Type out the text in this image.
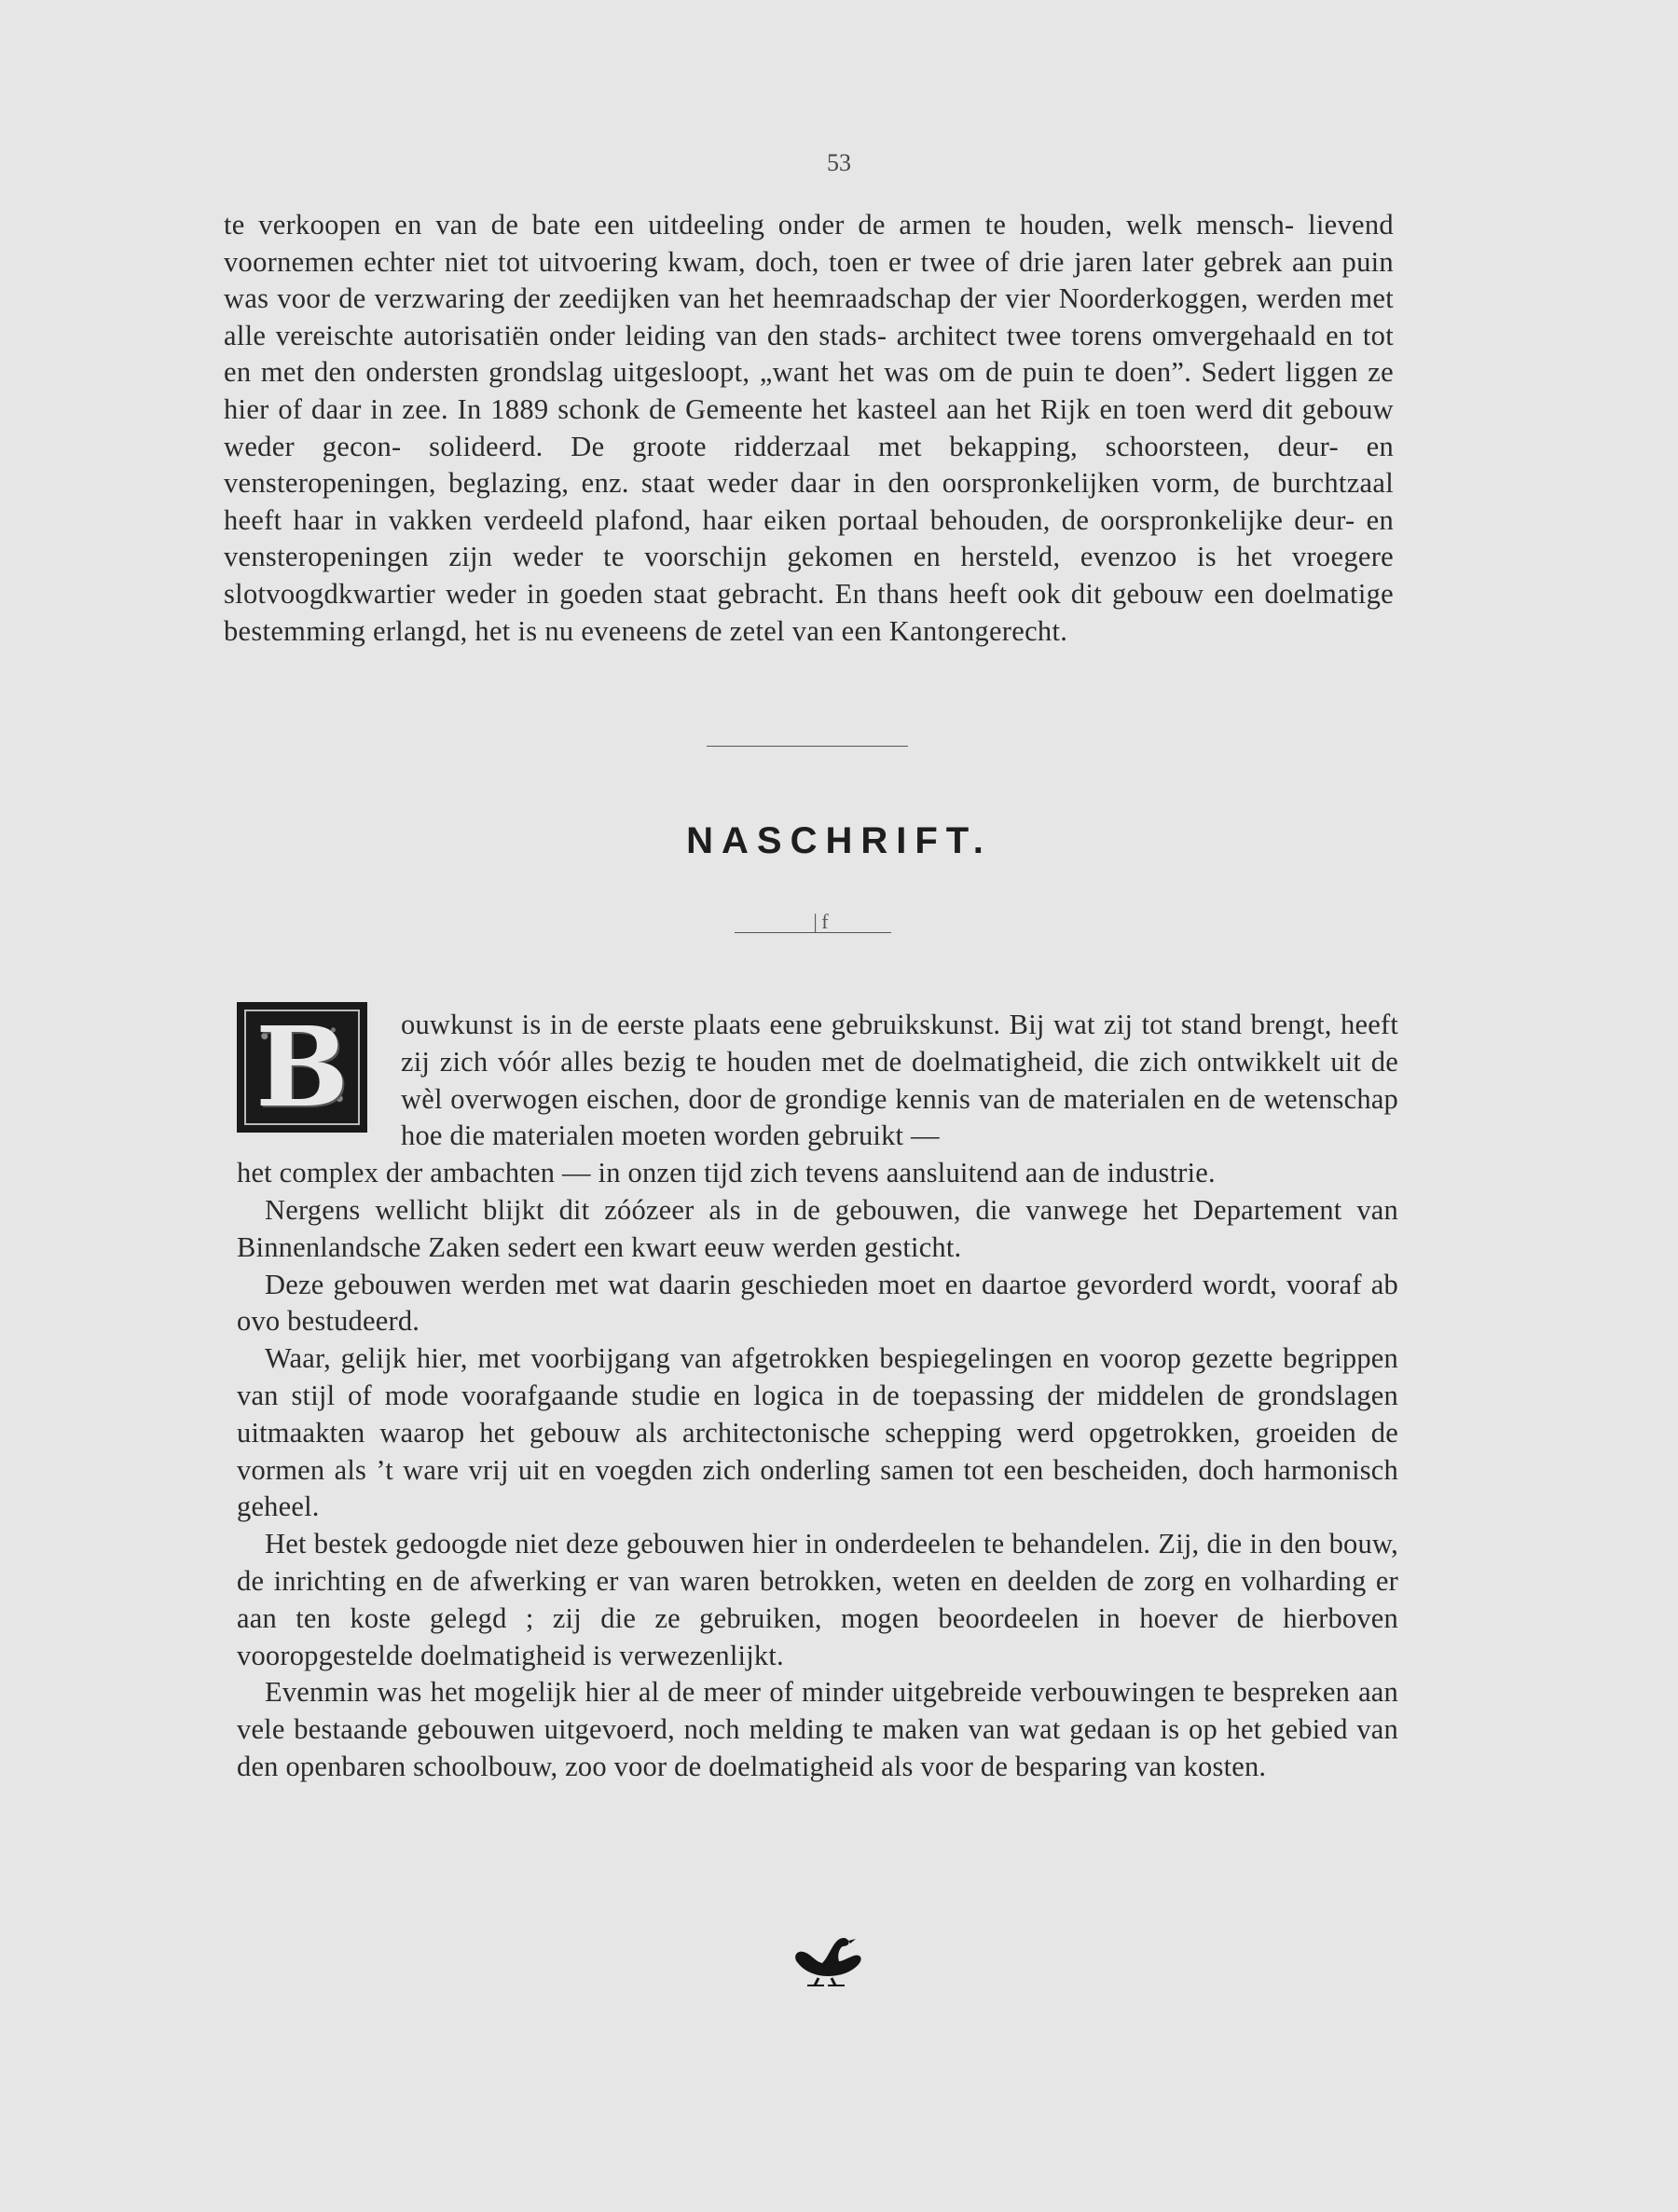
53

te verkoopen en van de bate een uitdeeling onder de armen te houden, welk mensch- lievend voornemen echter niet tot uitvoering kwam, doch, toen er twee of drie jaren later gebrek aan puin was voor de verzwaring der zeedijken van het heemraadschap der vier Noorderkoggen, werden met alle vereischte autorisatiën onder leiding van den stads- architect twee torens omvergehaald en tot en met den ondersten grondslag uitgesloopt, „want het was om de puin te doen”. Sedert liggen ze hier of daar in zee. In 1889 schonk de Gemeente het kasteel aan het Rijk en toen werd dit gebouw weder gecon- solideerd. De groote ridderzaal met bekapping, schoorsteen, deur- en vensteropeningen, beglazing, enz. staat weder daar in den oorspronkelijken vorm, de burchtzaal heeft haar in vakken verdeeld plafond, haar eiken portaal behouden, de oorspronkelijke deur- en vensteropeningen zijn weder te voorschijn gekomen en hersteld, evenzoo is het vroegere slotvoogdkwartier weder in goeden staat gebracht. En thans heeft ook dit gebouw een doelmatige bestemming erlangd, het is nu eveneens de zetel van een Kantongerecht.

NASCHRIFT.
 | f
B	ouwkunst is in de eerste plaats eene gebruikskunst. Bij wat zij tot stand brengt, heeft zij zich vóór alles bezig te houden met de doelmatigheid, die zich ontwikkelt uit de wèl overwogen eischen, door de grondige kennis van de materialen en de wetenschap hoe die materialen moeten worden gebruikt —

het complex der ambachten — in onzen tijd zich tevens aansluitend aan de industrie.

Nergens wellicht blijkt dit zóózeer als in de gebouwen, die vanwege het Departement van Binnenlandsche Zaken sedert een kwart eeuw werden gesticht.

Deze gebouwen werden met wat daarin geschieden moet en daartoe gevorderd wordt, vooraf ab ovo bestudeerd.

Waar, gelijk hier, met voorbijgang van afgetrokken bespiegelingen en voorop gezette begrippen van stijl of mode voorafgaande studie en logica in de toepassing der middelen de grondslagen uitmaakten waarop het gebouw als architectonische schepping werd opgetrokken, groeiden de vormen als ’t ware vrij uit en voegden zich onderling samen tot een bescheiden, doch harmonisch geheel.

Het bestek gedoogde niet deze gebouwen hier in onderdeelen te behandelen. Zij, die in den bouw, de inrichting en de afwerking er van waren betrokken, weten en deelden de zorg en volharding er aan ten koste gelegd ; zij die ze gebruiken, mogen beoordeelen in hoever de hierboven vooropgestelde doelmatigheid is verwezenlijkt.

Evenmin was het mogelijk hier al de meer of minder uitgebreide verbouwingen te bespreken aan vele bestaande gebouwen uitgevoerd, noch melding te maken van wat gedaan is op het gebied van den openbaren schoolbouw, zoo voor de doelmatigheid als voor de besparing van kosten.
